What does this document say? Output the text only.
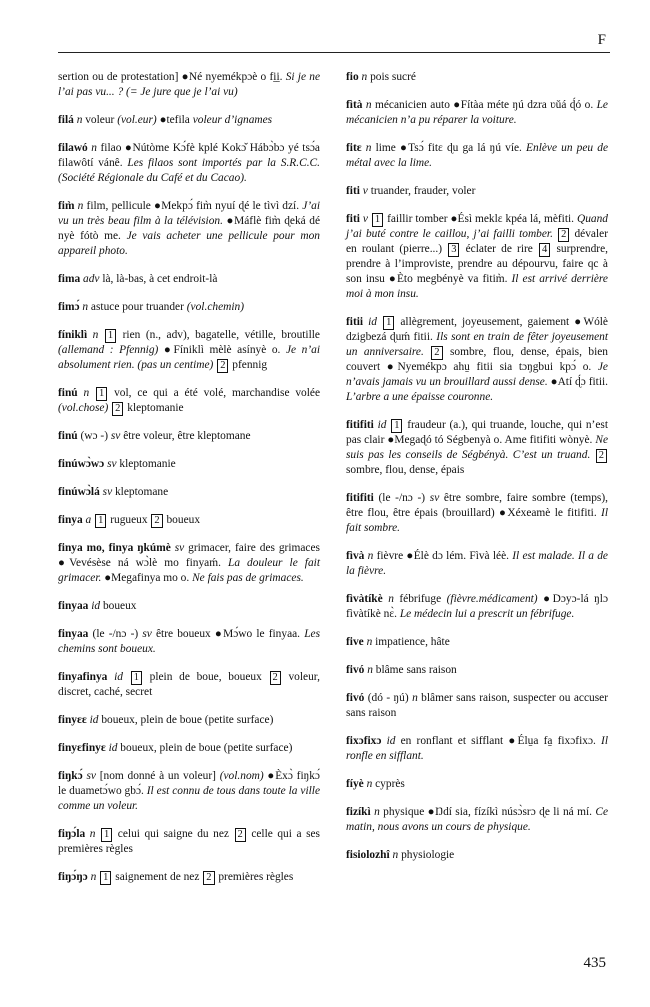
F

sertion ou de protestation] ●Né nyemékpɔè o fi̱i̱. Si je ne l’ai pas vu... ? (= Je jure que je l’ai vu)

filá n voleur (vol.eur) ●tefila voleur d’ignames

filawó n filao ●Nútòme Kɔ́fè kplé Kokɔ̌ Hábɔ̀bɔ yé tsɔ́a filawôtí vánê. Les filaos sont importés par la S.R.C.C. (Société Régionale du Café et du Cacao).

fim̀ n film, pellicule ●Mekpɔ́ fim̀ nyuí ɖé le tìvì dzí. J’ai vu un très beau film à la télévision. ●Máflè fim̀ ɖeká dé nyè fótò me. Je vais acheter une pellicule pour mon appareil photo.

fima adv là, là-bas, à cet endroit-là

fimɔ́ n astuce pour truander (vol.chemin)

fíniklì n 1 rien (n., adv), bagatelle, vétille, broutille (allemand : Pfennig) ●Fíniklì mèlè asínyè o. Je n’ai absolument rien. (pas un centime) 2 pfennig

finú n 1 vol, ce qui a été volé, marchandise volée (vol.chose) 2 kleptomanie

finú (wɔ -) sv être voleur, être kleptomane

finúwɔ̀wɔ sv kleptomanie

finúwɔ̀lá sv kleptomane

finya a 1 rugueux 2 boueux

finya mo, finya ŋkúmè sv grimacer, faire des grimaces ●Vevésèse ná wɔ̀lè mo finyaḿ. La douleur le fait grimacer. ●Megafinya mo o. Ne fais pas de grimaces.

finyaa id boueux

finyaa (le -/nɔ -) sv être boueux ●Mɔ́wo le finyaa. Les chemins sont boueux.

finyafinya id 1 plein de boue, boueux 2 voleur, discret, caché, secret

finyɛɛ id boueux, plein de boue (petite surface)

finyɛfinyɛ id boueux, plein de boue (petite surface)

fiŋkɔ́ sv [nom donné à un voleur] (vol.nom) ●Èxɔ̀ fiŋkɔ́ le duametɔ́wo gbɔ́. Il est connu de tous dans toute la ville comme un voleur.

fiŋɔ́la n 1 celui qui saigne du nez 2 celle qui a ses premières règles

fiŋɔ́ŋɔ n 1 saignement de nez 2 premières règles

fio n pois sucré

fìtà n mécanicien auto ●Fítàa méte ŋú dzra ʋǔá ɖ́ó o. Le mécanicien n’a pu réparer la voiture.

fitɛ n lime ●Tsɔ́ fitɛ ɖu ga lá ŋú víe. Enlève un peu de métal avec la lime.

fiti v truander, frauder, voler

fiti v 1 faillir tomber ●Ésì meklɛ kpéa lá, mèfiti. Quand j’ai buté contre le caillou, j’ai failli tomber. 2 dévaler en roulant (pierre...) 3 éclater de rire 4 surprendre, prendre à l’improviste, prendre au dépourvu, faire qc à son insu ●Èto megbényè va fitim̀. Il est arrivé derrière moi à mon insu.

fitii id 1 allègrement, joyeusement, gaiement ●Wólè dzigbezá ɖuḿ fitii. Ils sont en train de fêter joyeusement un anniversaire. 2 sombre, flou, dense, épais, bien couvert ●Nyemékpɔ ahu̱ fitii sia tɔŋgbui kpɔ́ o. Je n’avais jamais vu un brouillard aussi dense. ●Atí ɖ́ɔ fitii. L’arbre a une épaisse couronne.

fitifiti id 1 fraudeur (a.), qui truande, louche, qui n’est pas clair ●Megaɖó tó Ségbenyà o. Ame fitifiti wònyè. Ne suis pas les conseils de Ségbényà. C’est un truand. 2 sombre, flou, dense, épais

fitifiti (le -/nɔ -) sv être sombre, faire sombre (temps), être flou, être épais (brouillard) ●Xéxeamè le fitifiti. Il fait sombre.

fìvà n fièvre ●Élè dɔ lém. Fìvà léè. Il est malade. Il a de la fièvre.

fìvàtíkè n fébrifuge (fièvre.médicament) ●Dɔyɔ-lá ŋlɔ fìvàtíkè nɛ̀. Le médecin lui a prescrit un fébrifuge.

five n impatience, hâte

fivó n blâme sans raison

fivó (dó - ŋú) n blâmer sans raison, suspecter ou accuser sans raison

fixɔfixɔ id en ronflant et sifflant ●Élu̱a fa̱ fixɔfixɔ. Il ronfle en sifflant.

fíyè n cyprès

fizíkì n physique ●Ŋdí sia, fízíkì núsɔ̀srɔ ɖe li ná mí. Ce matin, nous avons un cours de physique.

fisiolozhî n physiologie

435
